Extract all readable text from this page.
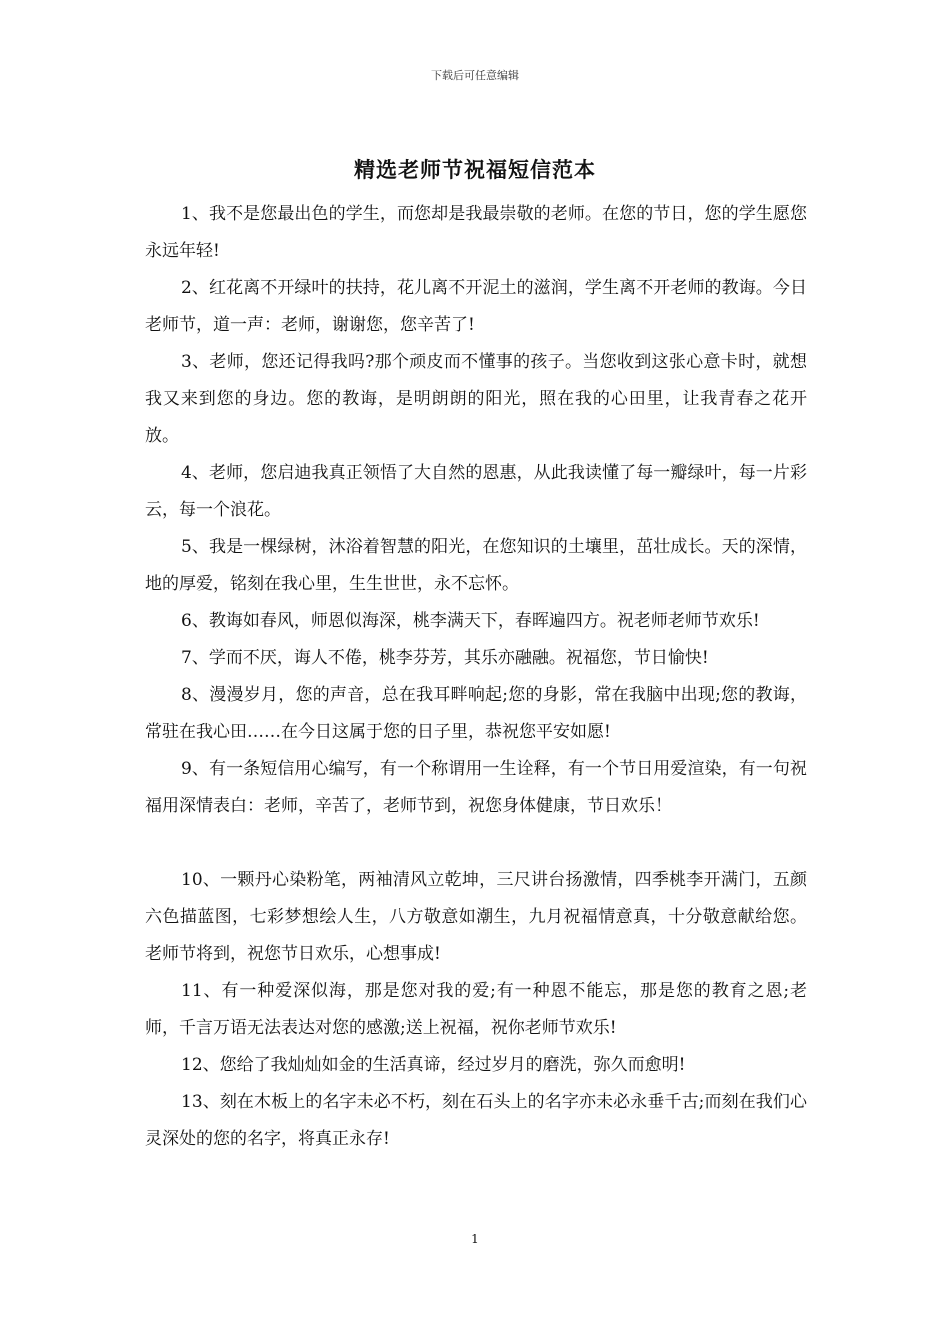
下载后可任意编辑
精选老师节祝福短信范本

1、我不是您最出色的学生，而您却是我最崇敬的老师。在您的节日，您的学生愿您永远年轻!

2、红花离不开绿叶的扶持，花儿离不开泥土的滋润，学生离不开老师的教诲。今日老师节，道一声：老师，谢谢您，您辛苦了!

3、老师，您还记得我吗?那个顽皮而不懂事的孩子。当您收到这张心意卡时，就想我又来到您的身边。您的教诲，是明朗朗的阳光，照在我的心田里，让我青春之花开放。

4、老师，您启迪我真正领悟了大自然的恩惠，从此我读懂了每一瓣绿叶，每一片彩云，每一个浪花。

5、我是一棵绿树，沐浴着智慧的阳光，在您知识的土壤里，茁壮成长。天的深情，地的厚爱，铭刻在我心里，生生世世，永不忘怀。

6、教诲如春风，师恩似海深，桃李满天下，春晖遍四方。祝老师老师节欢乐!

7、学而不厌，诲人不倦，桃李芬芳，其乐亦融融。祝福您，节日愉快!

8、漫漫岁月，您的声音，总在我耳畔响起;您的身影，常在我脑中出现;您的教诲，常驻在我心田……在今日这属于您的日子里，恭祝您平安如愿!

9、有一条短信用心编写，有一个称谓用一生诠释，有一个节日用爱渲染，有一句祝福用深情表白：老师，辛苦了，老师节到，祝您身体健康，节日欢乐！

10、一颗丹心染粉笔，两袖清风立乾坤，三尺讲台扬激情，四季桃李开满门，五颜六色描蓝图，七彩梦想绘人生，八方敬意如潮生，九月祝福情意真，十分敬意献给您。老师节将到，祝您节日欢乐，心想事成!

11、有一种爱深似海，那是您对我的爱;有一种恩不能忘，那是您的教育之恩;老师，千言万语无法表达对您的感激;送上祝福，祝你老师节欢乐!

12、您给了我灿灿如金的生活真谛，经过岁月的磨洗，弥久而愈明!

13、刻在木板上的名字未必不朽，刻在石头上的名字亦未必永垂千古;而刻在我们心灵深处的您的名字，将真正永存!

1
